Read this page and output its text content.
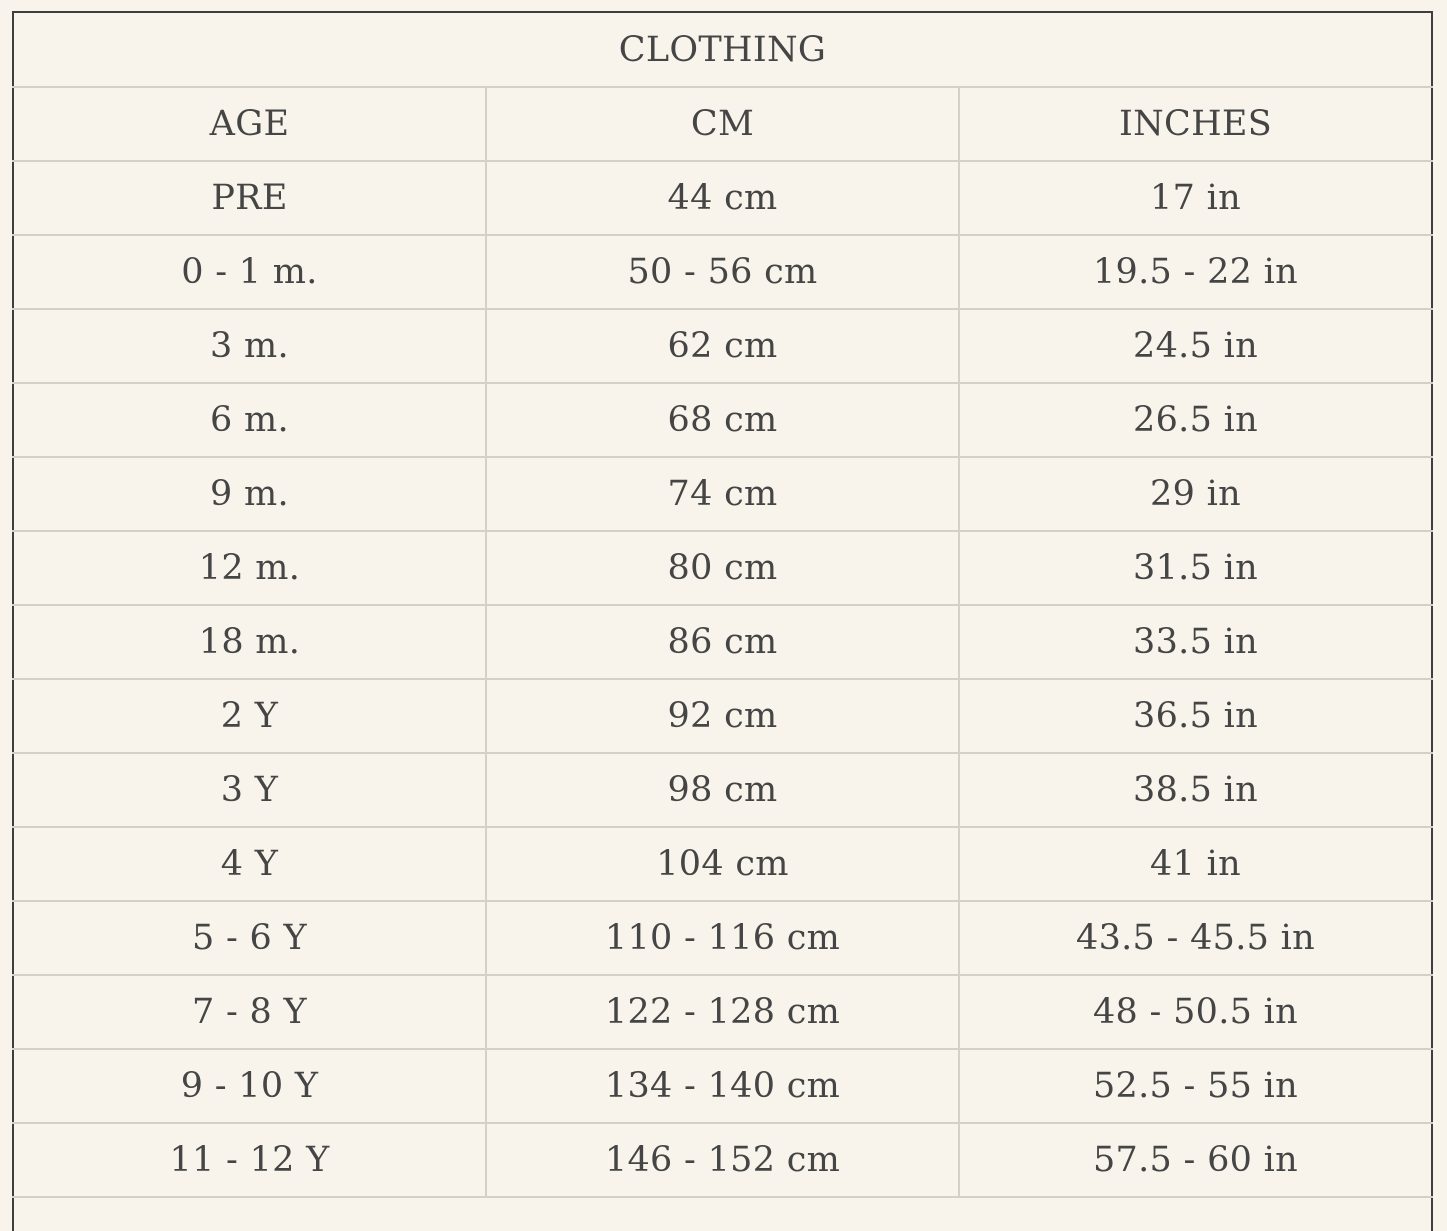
CLOTHING		
AGE	CM	INCHES
PRE	44 cm	17 in
0 - 1 m.	50 - 56 cm	19.5 - 22 in
3 m.	62 cm	24.5 in
6 m.	68 cm	26.5 in
9 m.	74 cm	29 in
12 m.	80 cm	31.5 in
18 m.	86 cm	33.5 in
2 Y	92 cm	36.5 in
3 Y	98 cm	38.5 in
4 Y	104 cm	41 in
5 - 6 Y	110 - 116 cm	43.5 - 45.5 in
7 - 8 Y	122 - 128 cm	48 - 50.5 in
9 - 10 Y	134 - 140 cm	52.5 - 55 in
11 - 12 Y	146 - 152 cm	57.5 - 60 in
